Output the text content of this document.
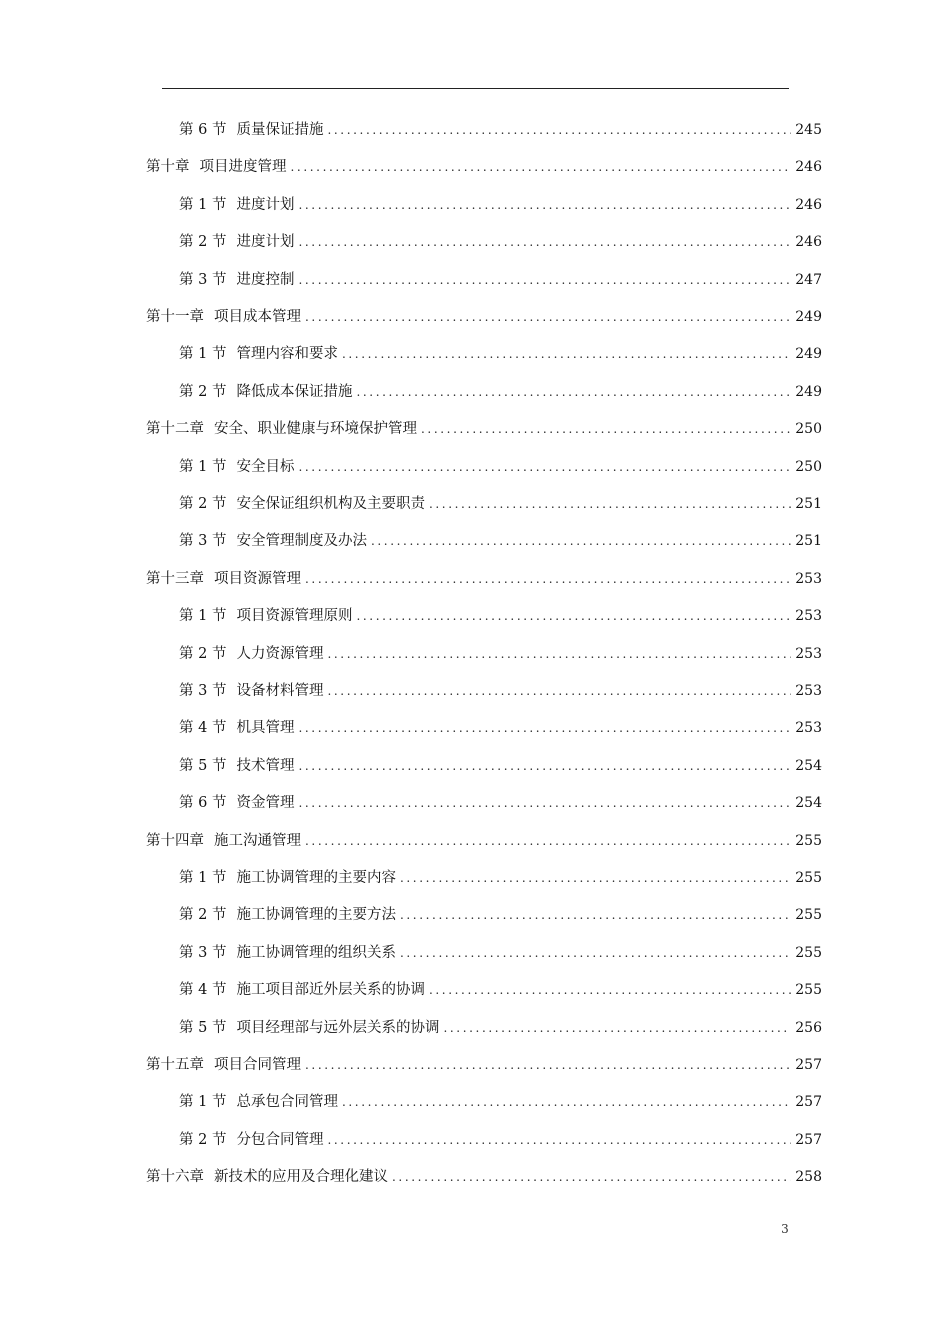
第 6 节 质量保证措施 .....	245
第十章 项目进度管理 .....	246
第 1 节 进度计划 .....	246
第 2 节 进度计划 .....	246
第 3 节 进度控制 .....	247
第十一章 项目成本管理 .....	249
第 1 节 管理内容和要求 .....	249
第 2 节 降低成本保证措施 .....	249
第十二章 安全、职业健康与环境保护管理 .....	250
第 1 节 安全目标 .....	250
第 2 节 安全保证组织机构及主要职责 .....	251
第 3 节 安全管理制度及办法 .....	251
第十三章 项目资源管理 .....	253
第 1 节 项目资源管理原则 .....	253
第 2 节 人力资源管理 .....	253
第 3 节 设备材料管理 .....	253
第 4 节 机具管理 .....	253
第 5 节 技术管理 .....	254
第 6 节 资金管理 .....	254
第十四章 施工沟通管理 .....	255
第 1 节 施工协调管理的主要内容 .....	255
第 2 节 施工协调管理的主要方法 .....	255
第 3 节 施工协调管理的组织关系 .....	255
第 4 节 施工项目部近外层关系的协调 .....	255
第 5 节 项目经理部与远外层关系的协调 .....	256
第十五章 项目合同管理 .....	257
第 1 节 总承包合同管理 .....	257
第 2 节 分包合同管理 .....	257
第十六章 新技术的应用及合理化建议 .....	258
3
